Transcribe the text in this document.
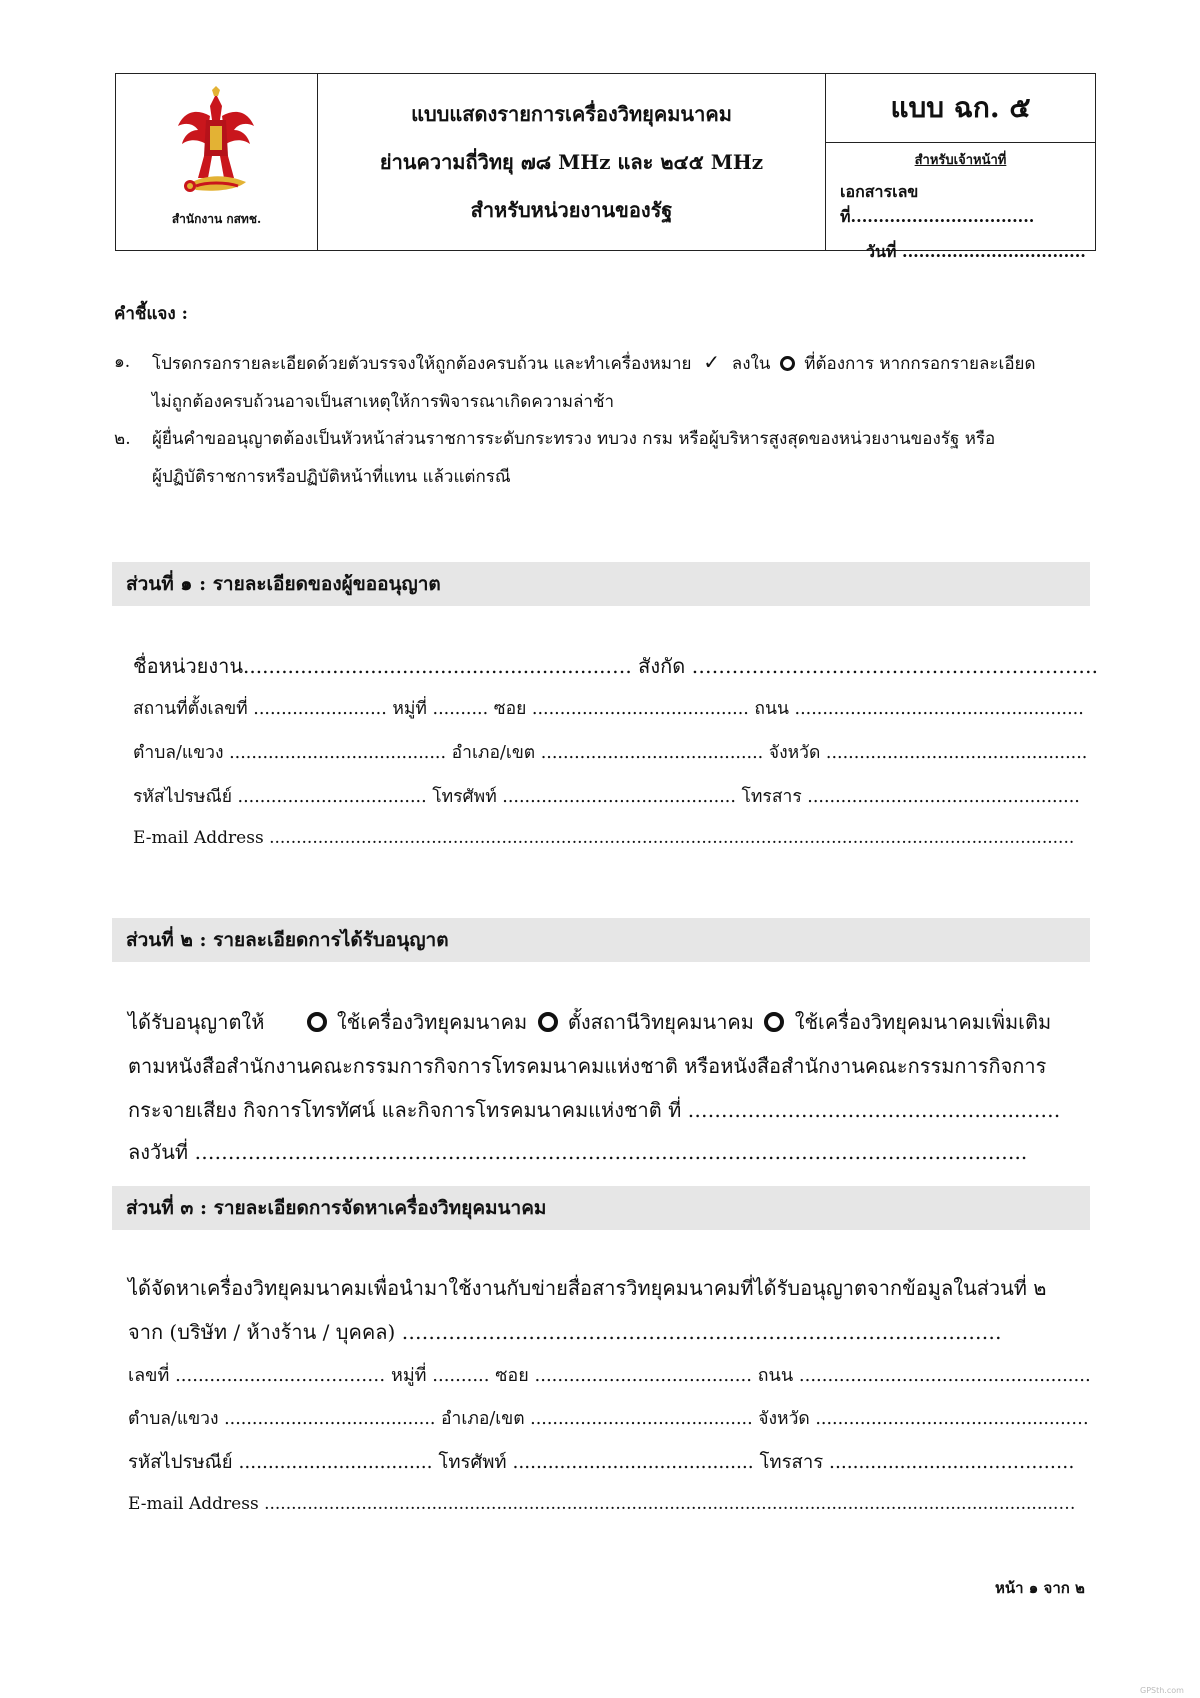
สำนักงาน กสทช.
แบบแสดงรายการเครื่องวิทยุคมนาคม
ย่านความถี่วิทยุ ๗๘ MHz และ ๒๔๕ MHz
สำหรับหน่วยงานของรัฐ
แบบ ฉก. ๕
สำหรับเจ้าหน้าที่
เอกสารเลขที่.................................
วันที่ .................................
คำชี้แจง :
๑. โปรดกรอกรายละเอียดด้วยตัวบรรจงให้ถูกต้องครบถ้วน และทำเครื่องหมาย  ✓  ลงใน ที่ต้องการ หากกรอกรายละเอียด
ไม่ถูกต้องครบถ้วนอาจเป็นสาเหตุให้การพิจารณาเกิดความล่าช้า
๒. ผู้ยื่นคำขออนุญาตต้องเป็นหัวหน้าส่วนราชการระดับกระทรวง ทบวง กรม หรือผู้บริหารสูงสุดของหน่วยงานของรัฐ หรือ
ผู้ปฏิบัติราชการหรือปฏิบัติหน้าที่แทน แล้วแต่กรณี
ส่วนที่ ๑ : รายละเอียดของผู้ขออนุญาต
ชื่อหน่วยงาน.........................................................…. สังกัด …………………………………………………….
สถานที่ตั้งเลขที่ ........................ หมู่ที่ .......... ซอย ....................................... ถนน ....................................................
ตำบล/แขวง ....................................... อำเภอ/เขต ........................................ จังหวัด ...............................................
รหัสไปรษณีย์ .................................. โทรศัพท์ .......................................... โทรสาร .................................................
E-mail Address .....................................................................................................................................................
ส่วนที่ ๒ : รายละเอียดการได้รับอนุญาต
ได้รับอนุญาตให้	ใช้เครื่องวิทยุคมนาคม ตั้งสถานีวิทยุคมนาคม ใช้เครื่องวิทยุคมนาคมเพิ่มเติม
ตามหนังสือสำนักงานคณะกรรมการกิจการโทรคมนาคมแห่งชาติ หรือหนังสือสำนักงานคณะกรรมการกิจการ
กระจายเสียง กิจการโทรทัศน์ และกิจการโทรคมนาคมแห่งชาติ ที่ …………………………………………..……
ลงวันที่ ……………………………………………………………………………………………………………..
ส่วนที่ ๓ : รายละเอียดการจัดหาเครื่องวิทยุคมนาคม
ได้จัดหาเครื่องวิทยุคมนาคมเพื่อนำมาใช้งานกับข่ายสื่อสารวิทยุคมนาคมที่ได้รับอนุญาตจากข้อมูลในส่วนที่ ๒
จาก (บริษัท / ห้างร้าน / บุคคล) ………………………………………………………………………………
เลขที่ .....................…………… หมู่ที่ .......... ซอย ...................................... ถนน ...................................................
ตำบล/แขวง ...................................... อำเภอ/เขต ........................................ จังหวัด ..............................................…
รหัสไปรษณีย์ ................................. โทรศัพท์ ......................................... โทรสาร ..........................……………
E-mail Address ...................................................................................................................................................…
หน้า ๑ จาก ๒
GPSth.com
